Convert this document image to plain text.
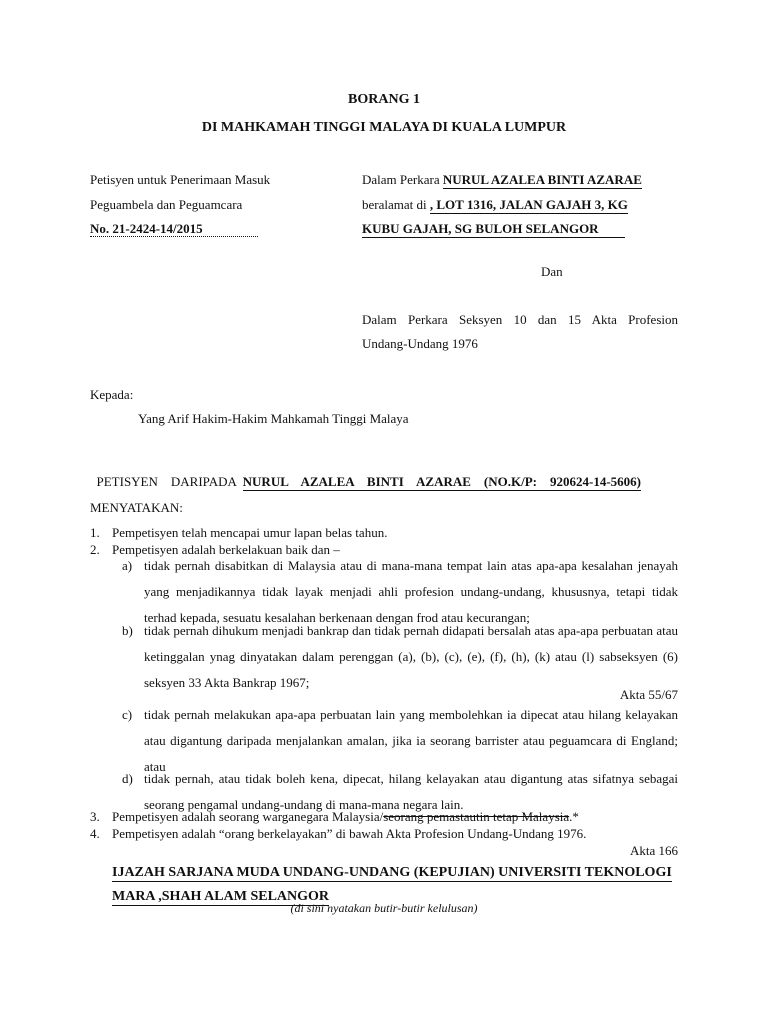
BORANG 1
DI MAHKAMAH TINGGI MALAYA DI KUALA LUMPUR
Petisyen untuk Penerimaan Masuk
Peguambela dan Peguamcara
No. 21-2424-14/2015
Dalam Perkara NURUL AZALEA BINTI AZARAE
beralamat di , LOT 1316, JALAN GAJAH 3, KG
KUBU GAJAH, SG BULOH SELANGOR
Dan
Dalam Perkara Seksyen 10 dan 15 Akta Profesion
Undang-Undang 1976
Kepada:
Yang Arif Hakim-Hakim Mahkamah Tinggi Malaya

PETISYEN    DARIPADA NURUL    AZALEA    BINTI    AZARAE    (NO.K/P:    920624-14-5606)

MENYATAKAN:
1. Pempetisyen telah mencapai umur lapan belas tahun.
2. Pempetisyen adalah berkelakuan baik dan –
a) tidak pernah disabitkan di Malaysia atau di mana-mana tempat lain atas apa-apa kesalahan jenayah yang menjadikannya tidak layak menjadi ahli profesion undang-undang, khususnya, tetapi tidak terhad kepada, sesuatu kesalahan berkenaan dengan frod atau kecurangan;
b) tidak pernah dihukum menjadi bankrap dan tidak pernah didapati bersalah atas apa-apa perbuatan atau ketinggalan ynag dinyatakan dalam perenggan (a), (b), (c), (e), (f), (h), (k) atau (l) sabseksyen (6) seksyen 33 Akta Bankrap 1967;
Akta 55/67
c) tidak pernah melakukan apa-apa perbuatan lain yang membolehkan ia dipecat atau hilang kelayakan atau digantung daripada menjalankan amalan, jika ia seorang barrister atau peguamcara di England; atau
d) tidak pernah, atau tidak boleh kena, dipecat, hilang kelayakan atau digantung atas sifatnya sebagai seorang pengamal undang-undang di mana-mana negara lain.
3. Pempetisyen adalah seorang warganegara Malaysia/seorang pemastautin tetap Malaysia.*
4. Pempetisyen adalah “orang berkelayakan” di bawah Akta Profesion Undang-Undang 1976.
Akta 166
IJAZAH SARJANA MUDA UNDANG-UNDANG (KEPUJIAN) UNIVERSITI TEKNOLOGI MARA ,SHAH ALAM SELANGOR
(di sini nyatakan butir-butir kelulusan)
